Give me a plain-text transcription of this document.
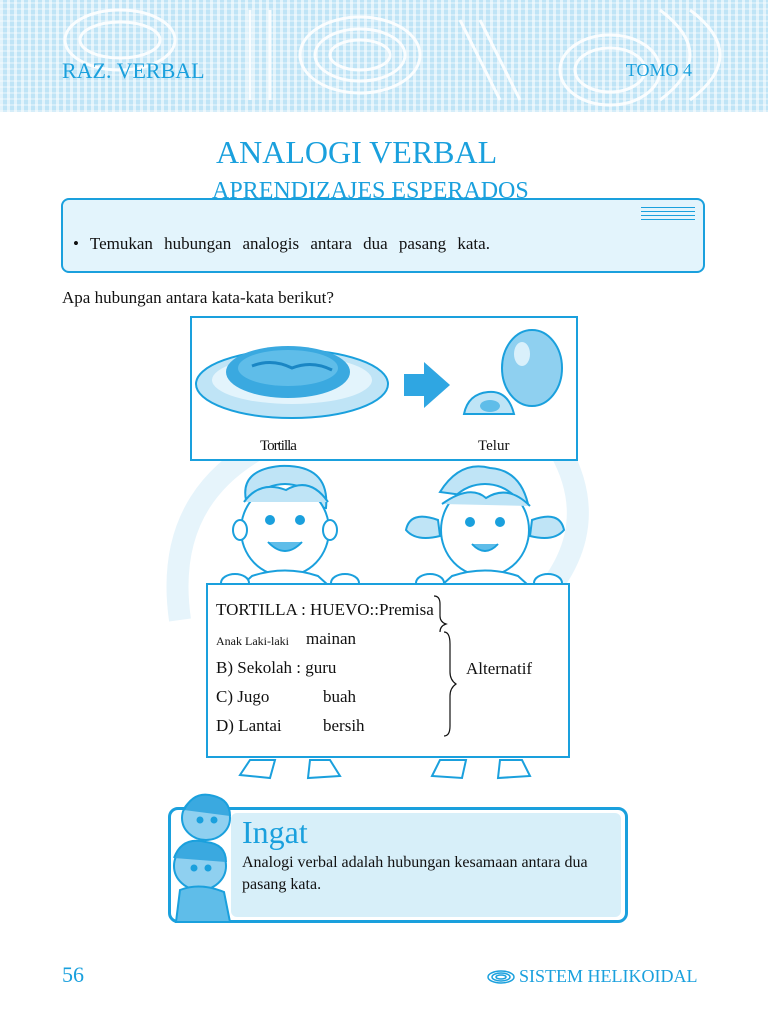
RAZ. VERBAL	TOMO 4
ANALOGI VERBAL
APRENDIZAJES ESPERADOS
• Temukan hubungan analogis antara dua pasang kata.
Apa hubungan antara kata-kata berikut?
Tortilla	Telur
TORTILLA : HUEVO::Premisa
Anak Laki-laki mainan
B) Sekolah : guru
C) Jugo	buah
D) Lantai bersih
Alternatif
Ingat
Analogi verbal adalah hubungan kesamaan antara dua pasang kata.
56	SISTEM HELIKOIDAL
